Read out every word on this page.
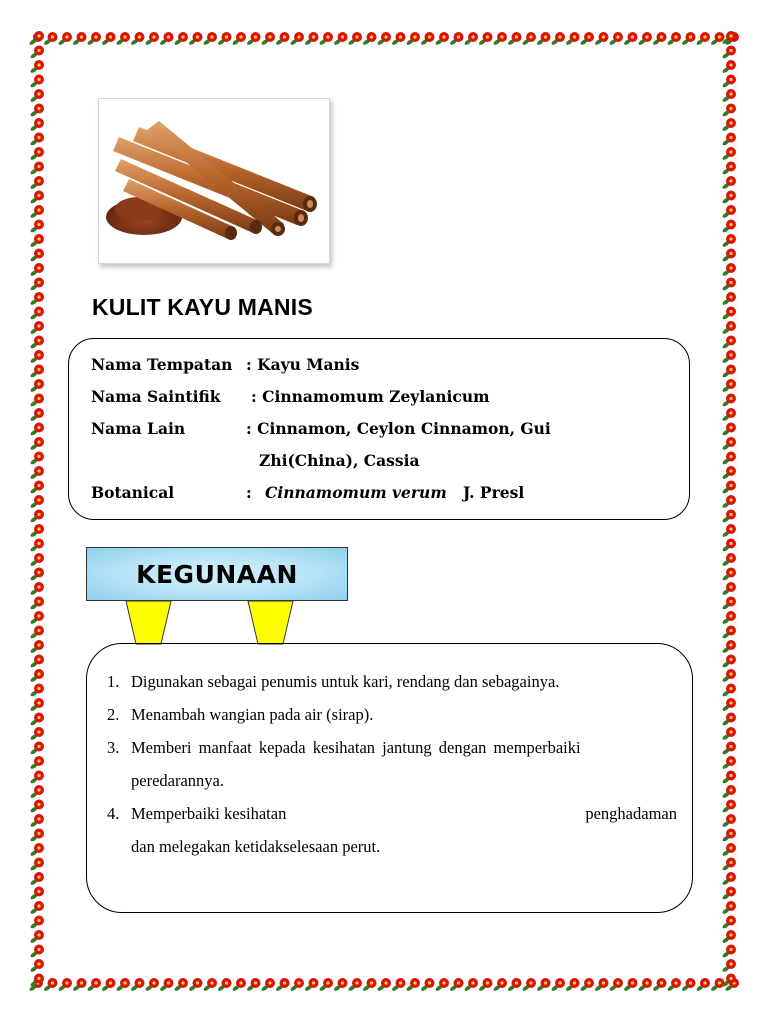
KULIT KAYU MANIS
Nama Tempatan : Kayu Manis
Nama Saintifik : Cinnamomum Zeylanicum
Nama Lain	: Cinnamon, Ceylon Cinnamon, Gui
Zhi(China), Cassia
Botanical	: Cinnamomum verum J. Presl
KEGUNAAN
1. Digunakan sebagai penumis untuk kari, rendang dan sebagainya.
2. Menambah wangian pada air (sirap).
3. Memberi manfaat kepada kesihatan jantung dengan memperbaiki
peredarannya.
4. Memperbaiki kesihatan	penghadaman
dan melegakan ketidakselesaan perut.
